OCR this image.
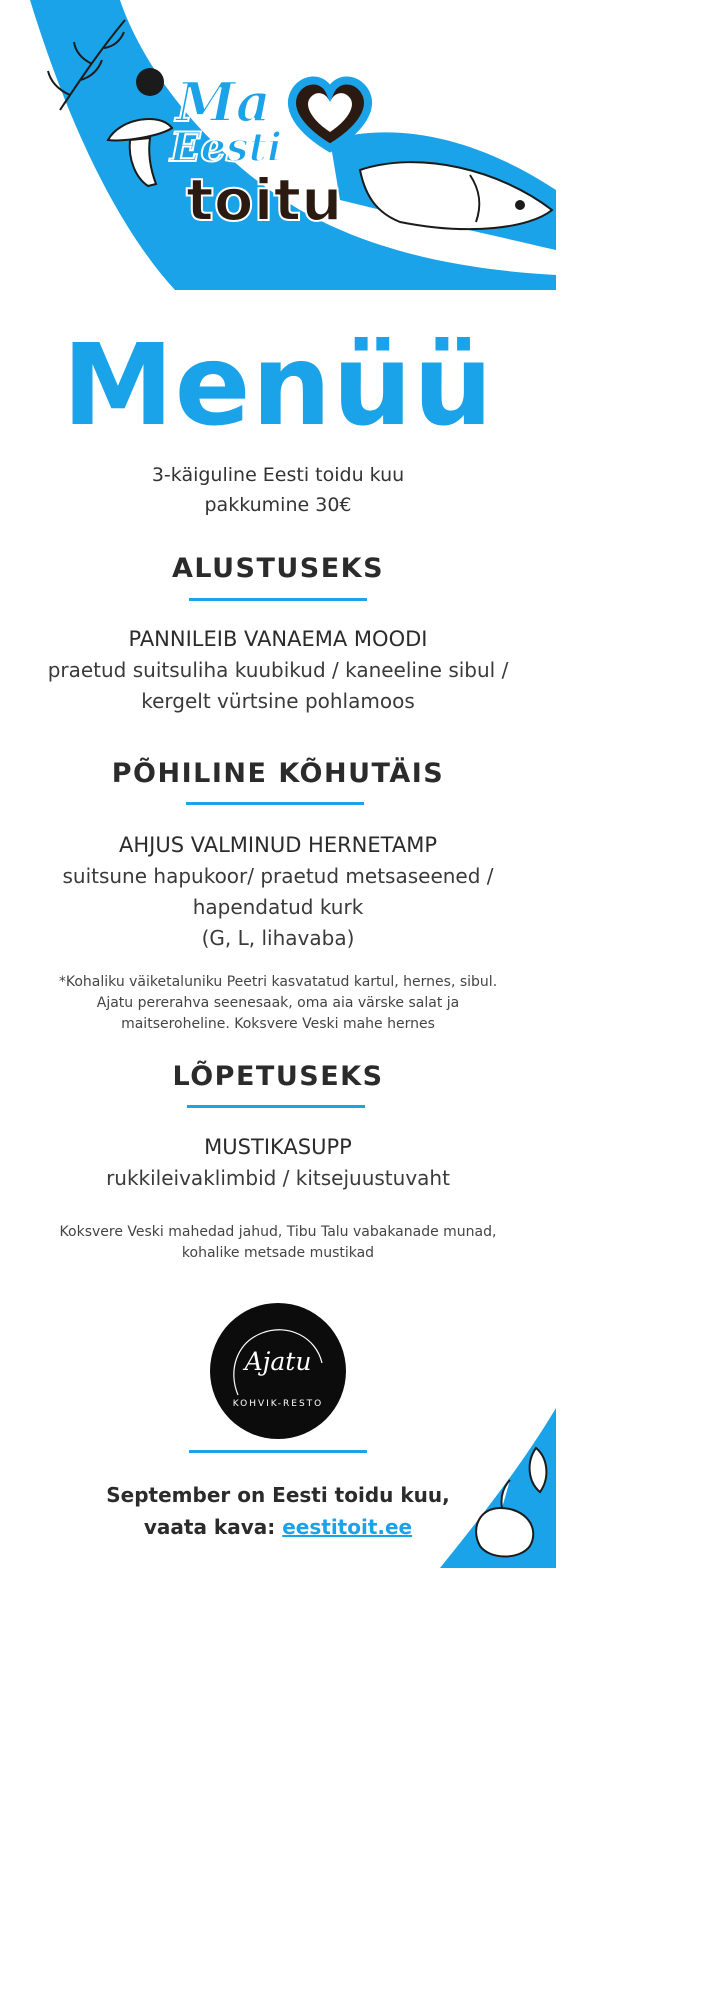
Ma
Eesti
toitu
Menüü
3-käiguline Eesti toidu kuu
pakkumine 30€
ALUSTUSEKS
PANNILEIB VANAEMA MOODI
praetud suitsuliha kuubikud / kaneeline sibul /
kergelt vürtsine pohlamoos
PÕHILINE KÕHUTÄIS
AHJUS VALMINUD HERNETAMP
suitsune hapukoor/ praetud metsaseened /
hapendatud kurk
(G, L, lihavaba)
*Kohaliku väiketaluniku Peetri kasvatatud kartul, hernes, sibul.
Ajatu pererahva seenesaak, oma aia värske salat ja
maitseroheline. Koksvere Veski mahe hernes
LÕPETUSEKS
MUSTIKASUPP
rukkileivaklimbid / kitsejuustuvaht
Koksvere Veski mahedad jahud, Tibu Talu vabakanade munad,
kohalike metsade mustikad
Ajatu
KOHVIK-RESTO
September on Eesti toidu kuu,
vaata kava: eestitoit.ee
